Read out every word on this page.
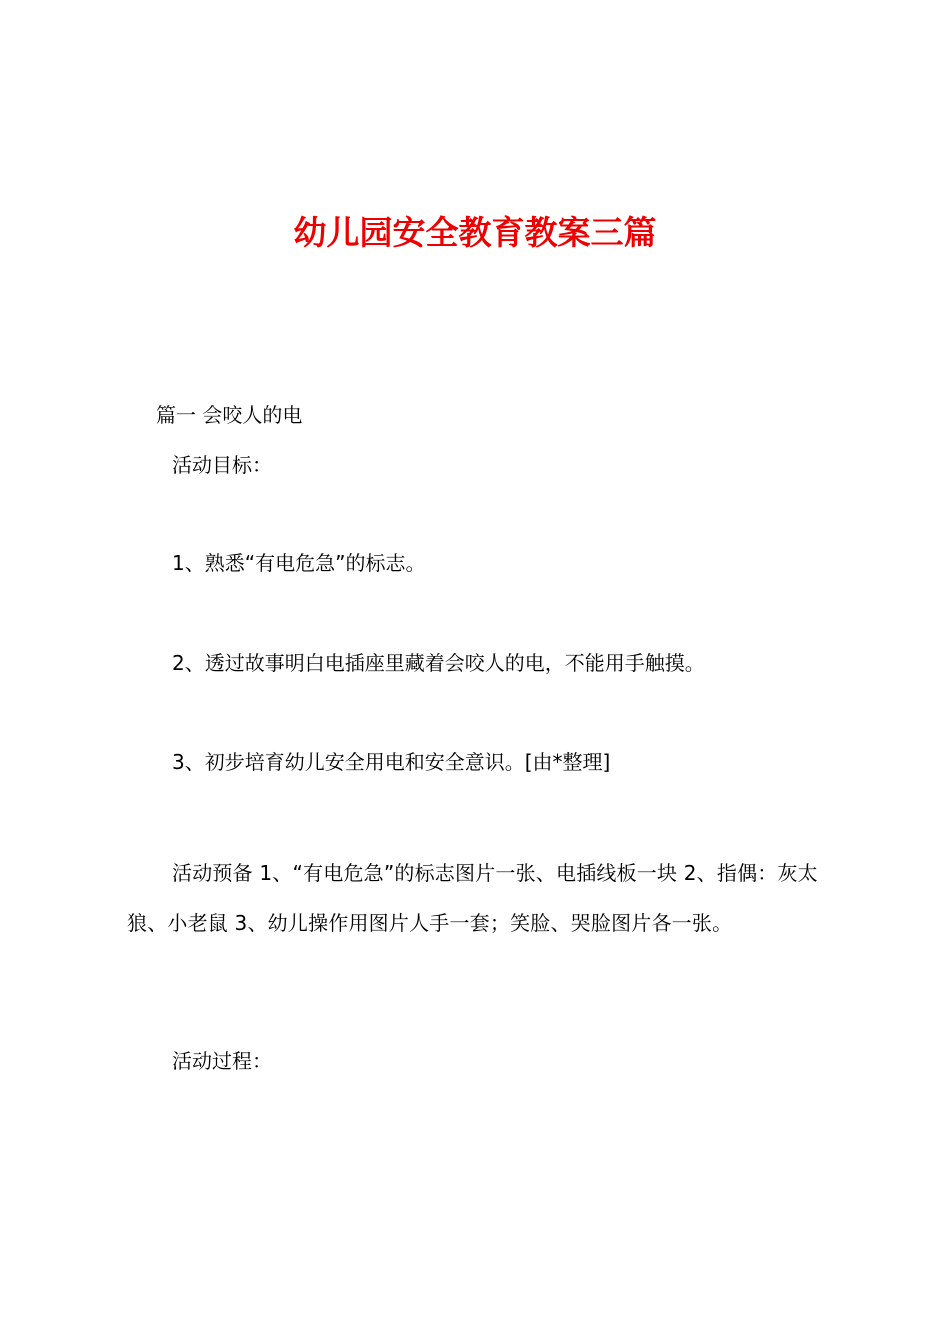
幼儿园安全教育教案三篇

篇一 会咬人的电

活动目标：

1、熟悉“有电危急”的标志。

2、透过故事明白电插座里藏着会咬人的电，不能用手触摸。

3、初步培育幼儿安全用电和安全意识。[由*整理]

活动预备 1、“有电危急”的标志图片一张、电插线板一块 2、指偶：灰太狼、小老鼠 3、幼儿操作用图片人手一套；笑脸、哭脸图片各一张。

活动过程：
